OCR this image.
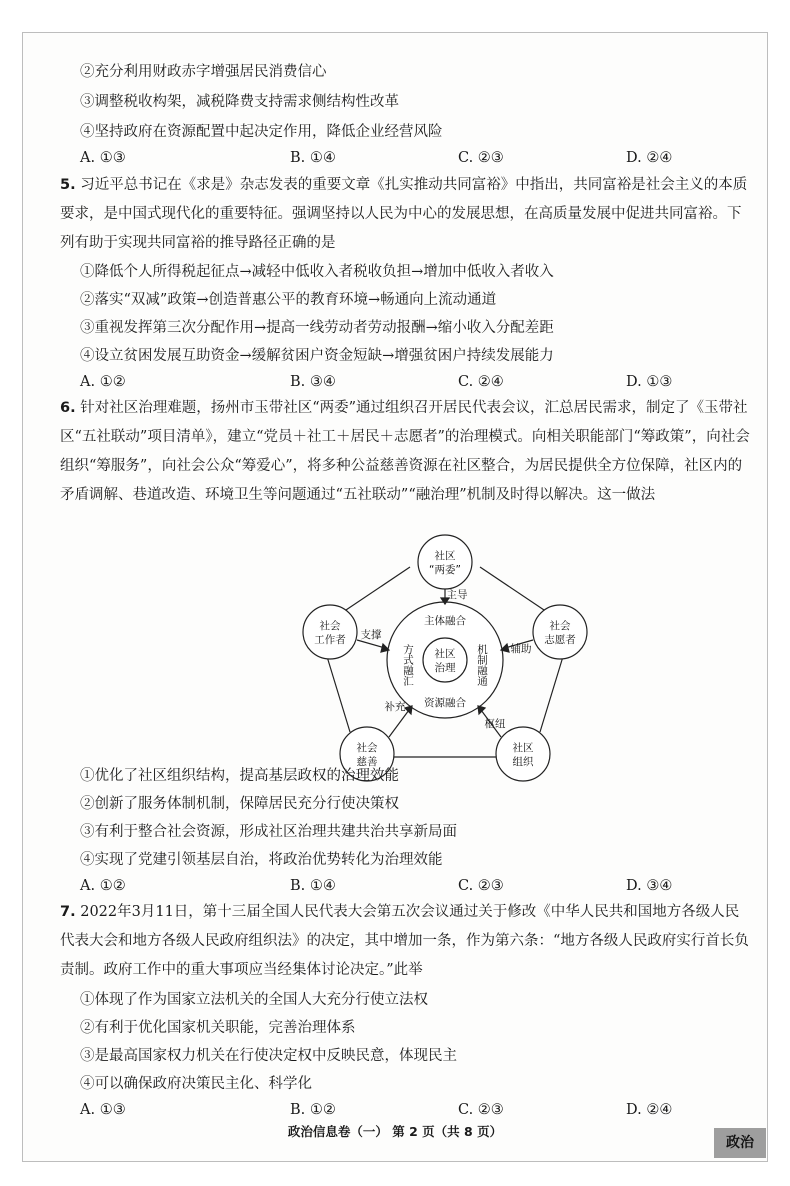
②充分利用财政赤字增强居民消费信心
③调整税收构架，减税降费支持需求侧结构性改革
④坚持政府在资源配置中起决定作用，降低企业经营风险
A. ①③	B. ①④	C. ②③	D. ②④
5. 习近平总书记在《求是》杂志发表的重要文章《扎实推动共同富裕》中指出，共同富裕是社会主义的本质要求，是中国式现代化的重要特征。强调坚持以人民为中心的发展思想，在高质量发展中促进共同富裕。下列有助于实现共同富裕的推导路径正确的是
①降低个人所得税起征点→减轻中低收入者税收负担→增加中低收入者收入
②落实“双减”政策→创造普惠公平的教育环境→畅通向上流动通道
③重视发挥第三次分配作用→提高一线劳动者劳动报酬→缩小收入分配差距
④设立贫困发展互助资金→缓解贫困户资金短缺→增强贫困户持续发展能力
A. ①②	B. ③④	C. ②④	D. ①③
6. 针对社区治理难题，扬州市玉带社区“两委”通过组织召开居民代表会议，汇总居民需求，制定了《玉带社区“五社联动”项目清单》，建立“党员＋社工＋居民＋志愿者”的治理模式。向相关职能部门“筹政策”，向社会组织“筹服务”，向社会公众“筹爱心”，将多种公益慈善资源在社区整合，为居民提供全方位保障，社区内的矛盾调解、巷道改造、环境卫生等问题通过“五社联动”“融治理”机制及时得以解决。这一做法
社区
“两委”
社会
工作者
社会
志愿者
社会
慈善
社区
组织
主体融合
社区
治理
资源融合
方式融汇	机制融通
主导
支撑
辅助
补充
枢纽
①优化了社区组织结构，提高基层政权的治理效能
②创新了服务体制机制，保障居民充分行使决策权
③有利于整合社会资源，形成社区治理共建共治共享新局面
④实现了党建引领基层自治，将政治优势转化为治理效能
A. ①②	B. ①④	C. ②③	D. ③④
7. 2022年3月11日，第十三届全国人民代表大会第五次会议通过关于修改《中华人民共和国地方各级人民代表大会和地方各级人民政府组织法》的决定，其中增加一条，作为第六条：“地方各级人民政府实行首长负责制。政府工作中的重大事项应当经集体讨论决定。”此举
①体现了作为国家立法机关的全国人大充分行使立法权
②有利于优化国家机关职能，完善治理体系
③是最高国家权力机关在行使决定权中反映民意，体现民主
④可以确保政府决策民主化、科学化
A. ①③	B. ①②	C. ②③	D. ②④
政治信息卷（一） 第 2 页（共 8 页）
政治
